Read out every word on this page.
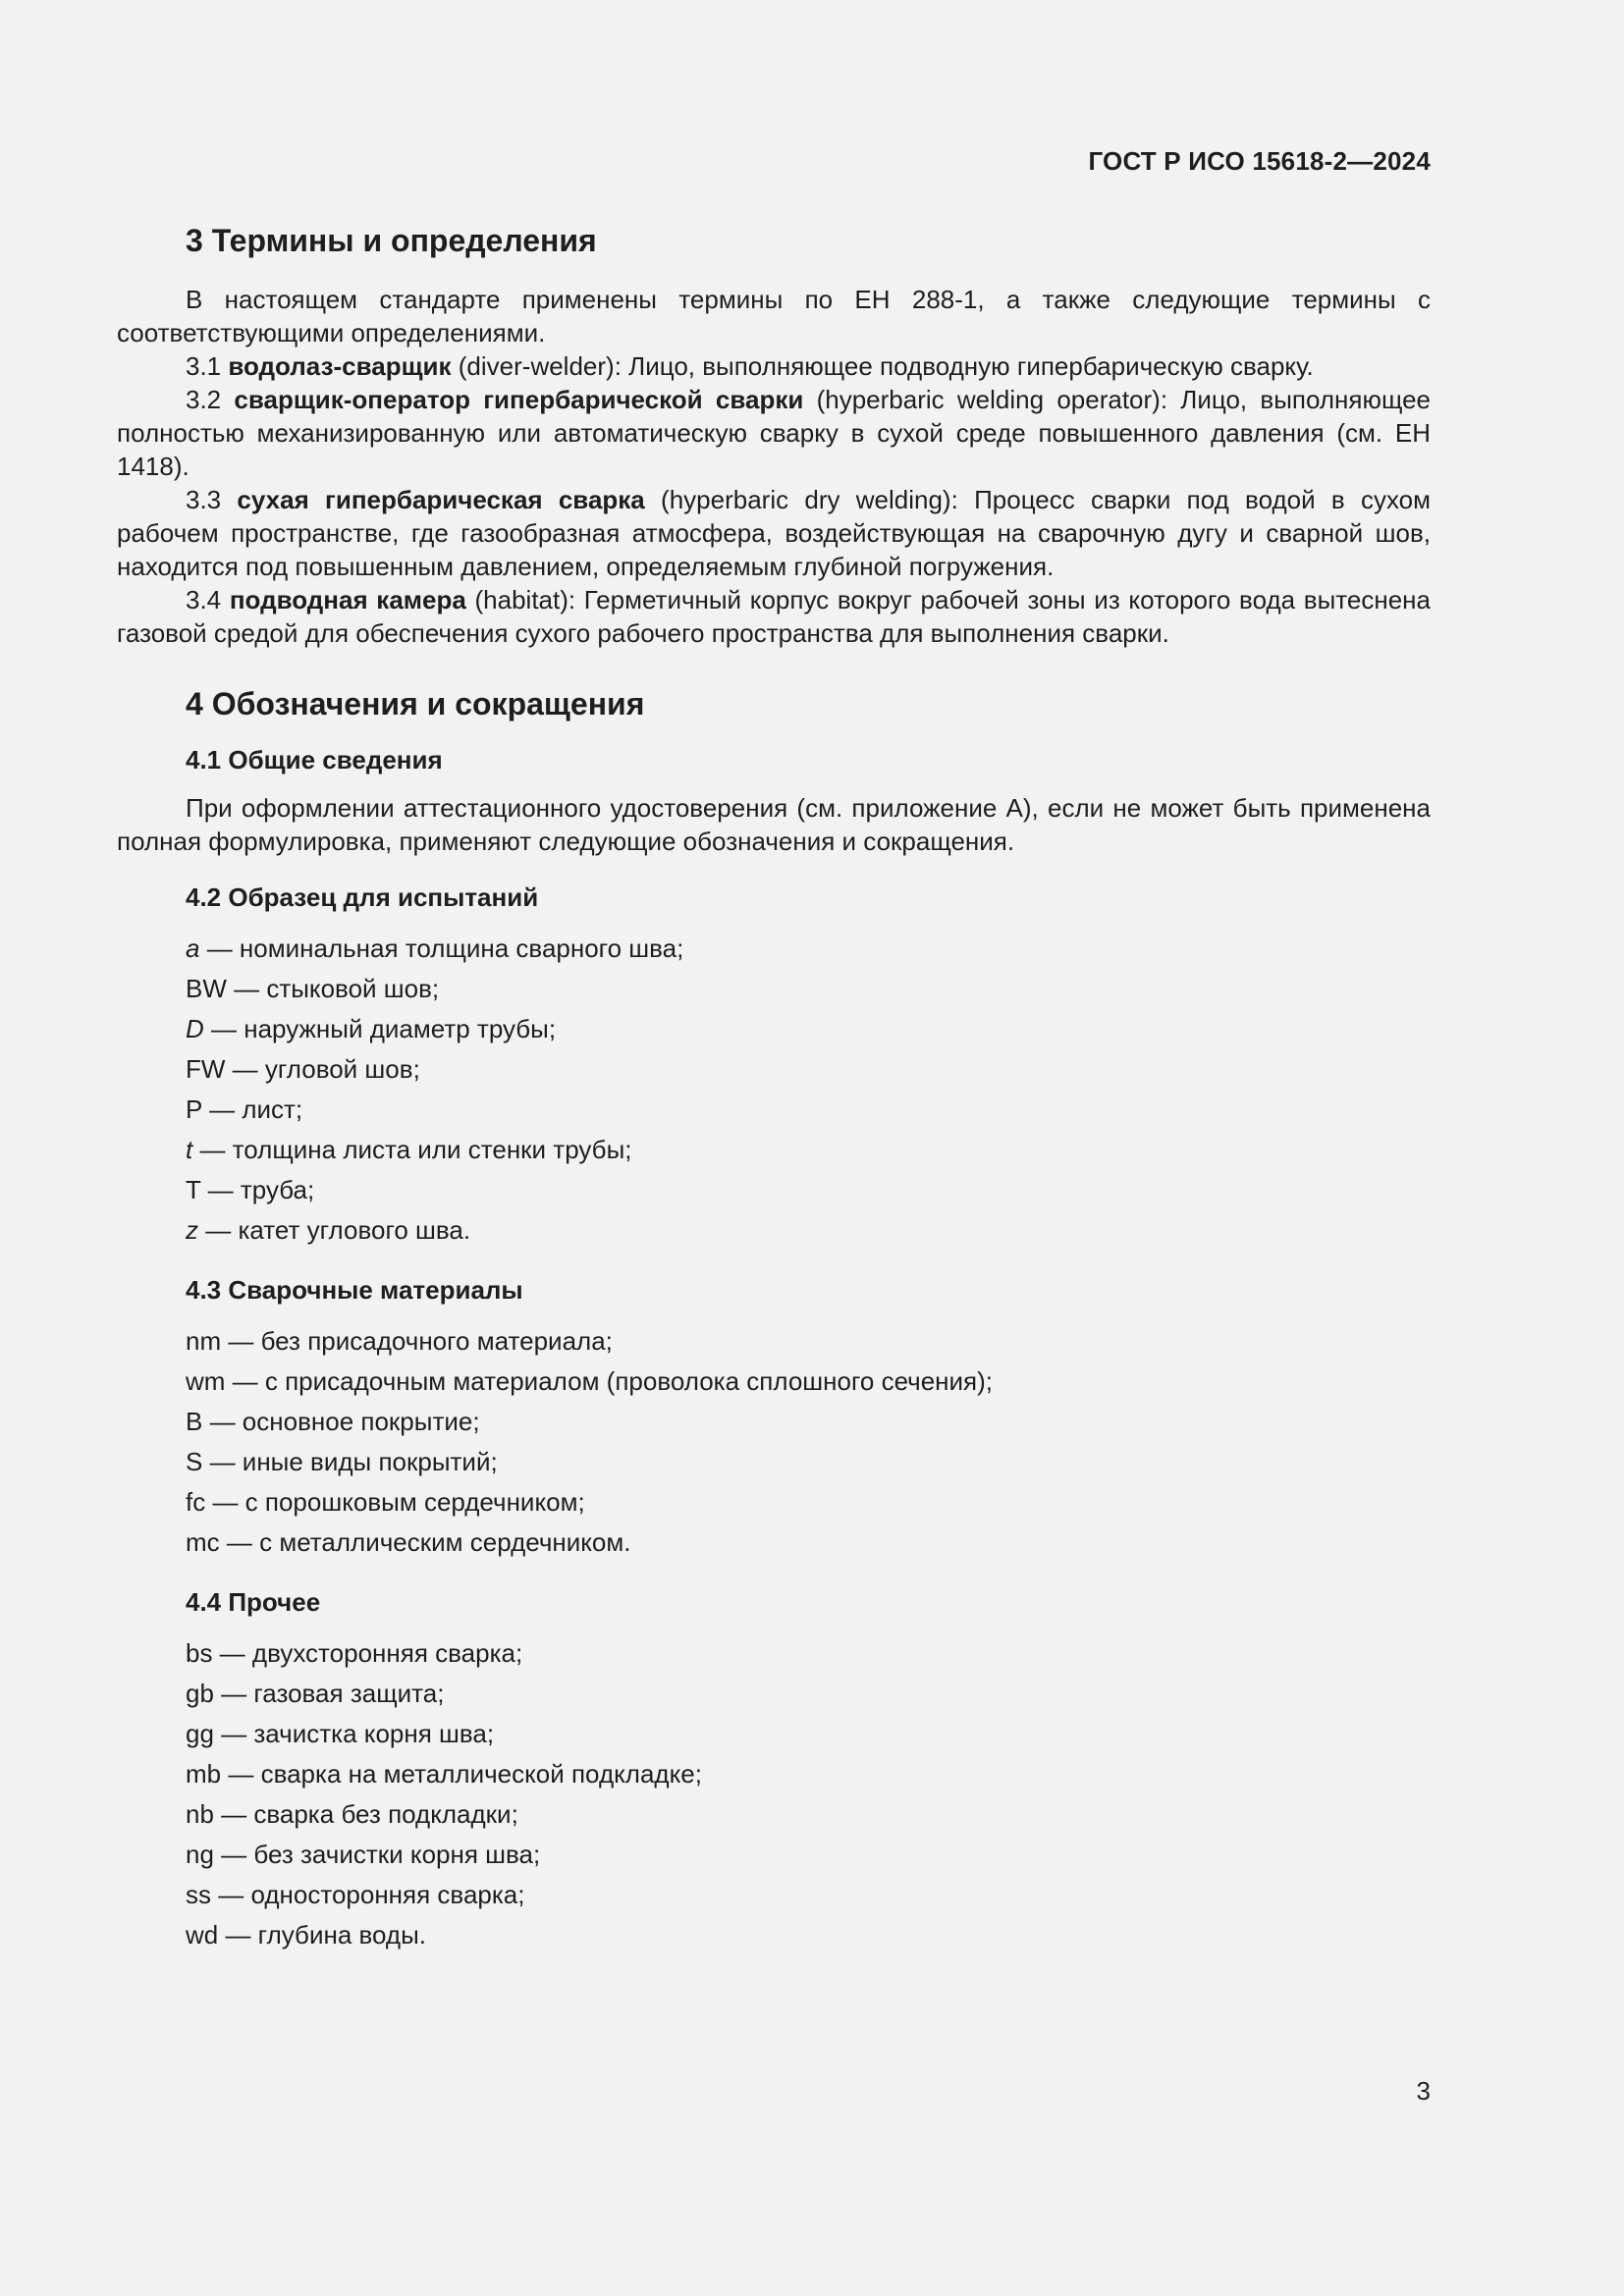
ГОСТ Р ИСО 15618-2—2024
3 Термины и определения

В настоящем стандарте применены термины по ЕН 288-1, а также следующие термины с соответствующими определениями.

3.1 водолаз-сварщик (diver-welder): Лицо, выполняющее подводную гипербарическую сварку.

3.2 сварщик-оператор гипербарической сварки (hyperbaric welding operator): Лицо, выполняющее полностью механизированную или автоматическую сварку в сухой среде повышенного давления (см. ЕН 1418).

3.3 сухая гипербарическая сварка (hyperbaric dry welding): Процесс сварки под водой в сухом рабочем пространстве, где газообразная атмосфера, воздействующая на сварочную дугу и сварной шов, находится под повышенным давлением, определяемым глубиной погружения.

3.4 подводная камера (habitat): Герметичный корпус вокруг рабочей зоны из которого вода вытеснена газовой средой для обеспечения сухого рабочего пространства для выполнения сварки.

4 Обозначения и сокращения
4.1 Общие сведения

При оформлении аттестационного удостоверения (см. приложение А), если не может быть применена полная формулировка, применяют следующие обозначения и сокращения.

4.2 Образец для испытаний
a — номинальная толщина сварного шва;
BW — стыковой шов;
D — наружный диаметр трубы;
FW — угловой шов;
P — лист;
t — толщина листа или стенки трубы;
T — труба;
z — катет углового шва.
4.3 Сварочные материалы
nm — без присадочного материала;
wm — с присадочным материалом (проволока сплошного сечения);
B — основное покрытие;
S — иные виды покрытий;
fc — с порошковым сердечником;
mc — с металлическим сердечником.
4.4 Прочее
bs — двухсторонняя сварка;
gb — газовая защита;
gg — зачистка корня шва;
mb — сварка на металлической подкладке;
nb — сварка без подкладки;
ng — без зачистки корня шва;
ss — односторонняя сварка;
wd — глубина воды.
3
